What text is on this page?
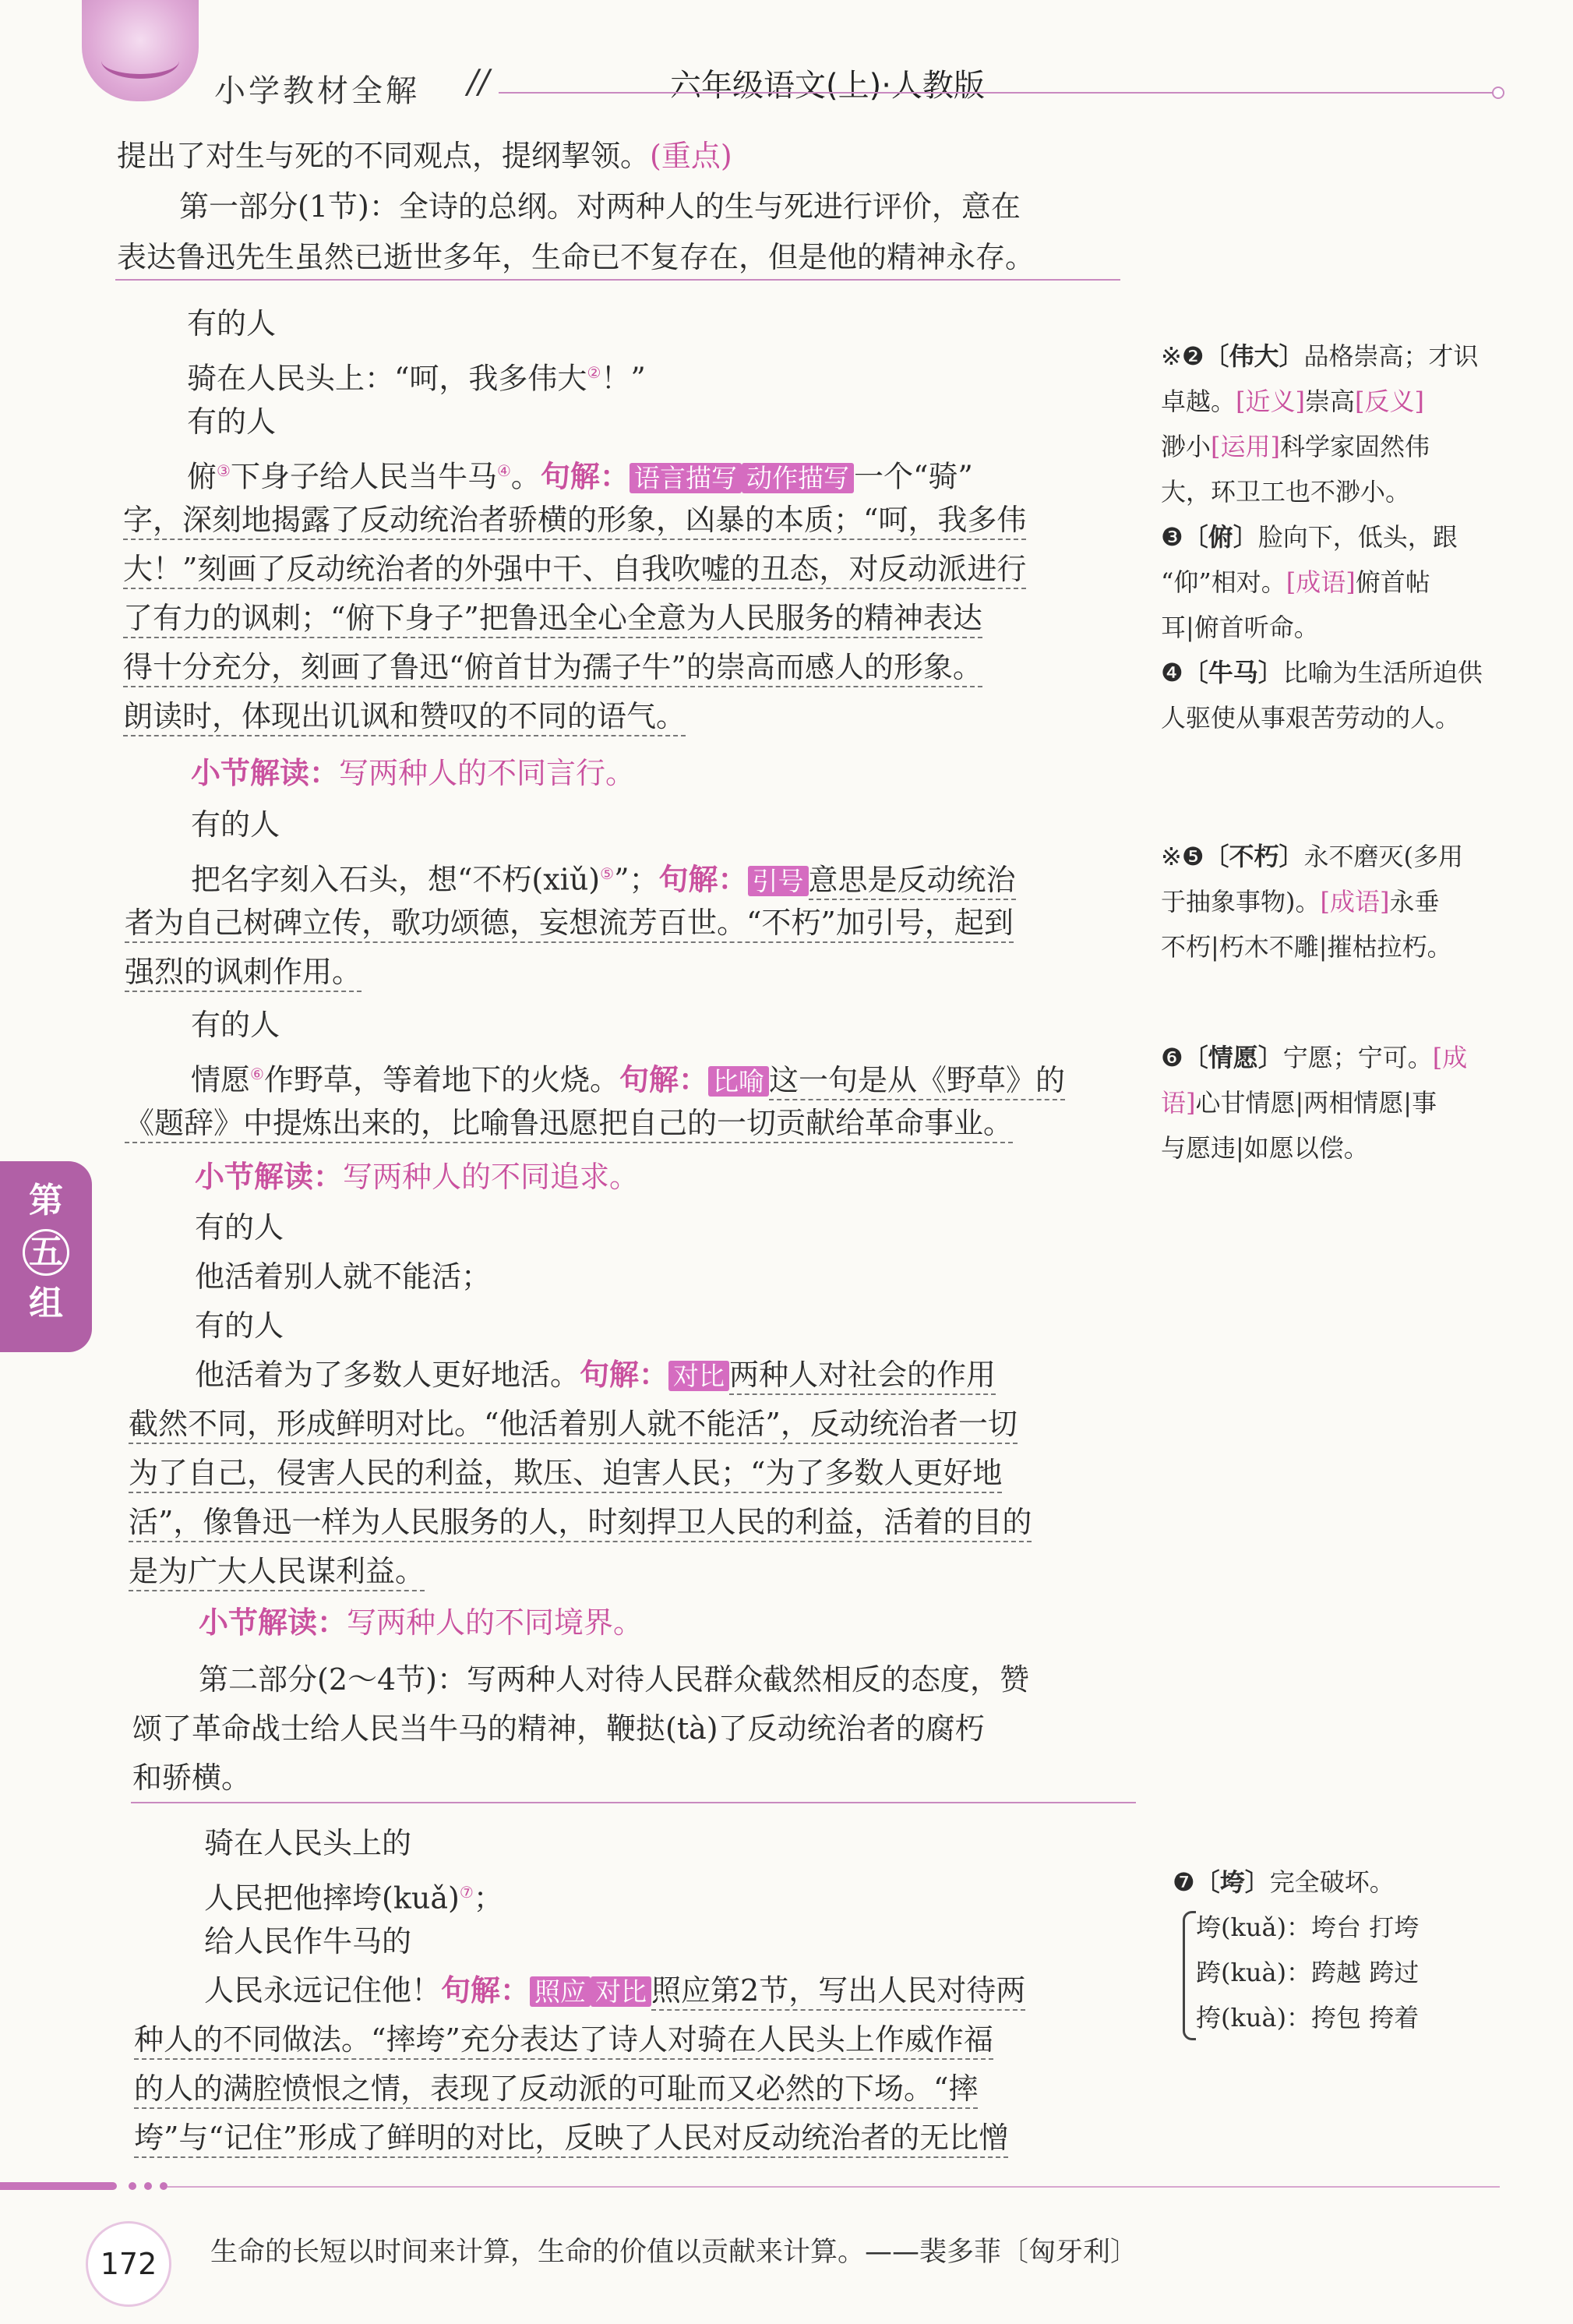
小学教材全解 //	六年级语文(上)·人教版
提出了对生与死的不同观点，提纲挈领。(重点)
第一部分(1节)：全诗的总纲。对两种人的生与死进行评价，意在
表达鲁迅先生虽然已逝世多年，生命已不复存在，但是他的精神永存。
有的人
骑在人民头上：“呵，我多伟大②！”
有的人
俯③下身子给人民当牛马④。句解： 语言描写 动作描写 一个“骑”
字，深刻地揭露了反动统治者骄横的形象，凶暴的本质；“呵，我多伟
大！”刻画了反动统治者的外强中干、自我吹嘘的丑态，对反动派进行
了有力的讽刺；“俯下身子”把鲁迅全心全意为人民服务的精神表达
得十分充分，刻画了鲁迅“俯首甘为孺子牛”的崇高而感人的形象。
朗读时，体现出讥讽和赞叹的不同的语气。
小节解读：写两种人的不同言行。
有的人
把名字刻入石头，想“不朽(xiǔ)⑤”；句解： 引号 意思是反动统治
者为自己树碑立传，歌功颂德，妄想流芳百世。“不朽”加引号，起到
强烈的讽刺作用。
有的人
情愿⑥作野草，等着地下的火烧。句解： 比喻 这一句是从《野草》的
《题辞》中提炼出来的，比喻鲁迅愿把自己的一切贡献给革命事业。
小节解读：写两种人的不同追求。
有的人
他活着别人就不能活；
有的人
他活着为了多数人更好地活。句解： 对比 两种人对社会的作用
截然不同，形成鲜明对比。“他活着别人就不能活”，反动统治者一切
为了自己，侵害人民的利益，欺压、迫害人民；“为了多数人更好地
活”，像鲁迅一样为人民服务的人，时刻捍卫人民的利益，活着的目的
是为广大人民谋利益。
小节解读：写两种人的不同境界。
第二部分(2～4节)：写两种人对待人民群众截然相反的态度，赞
颂了革命战士给人民当牛马的精神，鞭挞(tà)了反动统治者的腐朽
和骄横。
骑在人民头上的
人民把他摔垮(kuǎ)⑦；
给人民作牛马的
人民永远记住他！句解： 照应 对比 照应第2节，写出人民对待两
种人的不同做法。“摔垮”充分表达了诗人对骑在人民头上作威作福
的人的满腔愤恨之情，表现了反动派的可耻而又必然的下场。“摔
垮”与“记住”形成了鲜明的对比，反映了人民对反动统治者的无比憎
※❷〔伟大〕品格崇高；才识
卓越。[近义]崇高[反义]
渺小[运用]科学家固然伟
大，环卫工也不渺小。
❸〔俯〕脸向下，低头，跟
“仰”相对。[成语]俯首帖
耳|俯首听命。
❹〔牛马〕比喻为生活所迫供
人驱使从事艰苦劳动的人。
※❺〔不朽〕永不磨灭(多用
于抽象事物)。[成语]永垂
不朽|朽木不雕|摧枯拉朽。
❻〔情愿〕宁愿；宁可。[成
语]心甘情愿|两相情愿|事
与愿违|如愿以偿。
❼〔垮〕完全破坏。
垮(kuǎ)：垮台 打垮
跨(kuà)：跨越 跨过
挎(kuà)：挎包 挎着
第
五
组
172	生命的长短以时间来计算，生命的价值以贡献来计算。——裴多菲〔匈牙利〕
